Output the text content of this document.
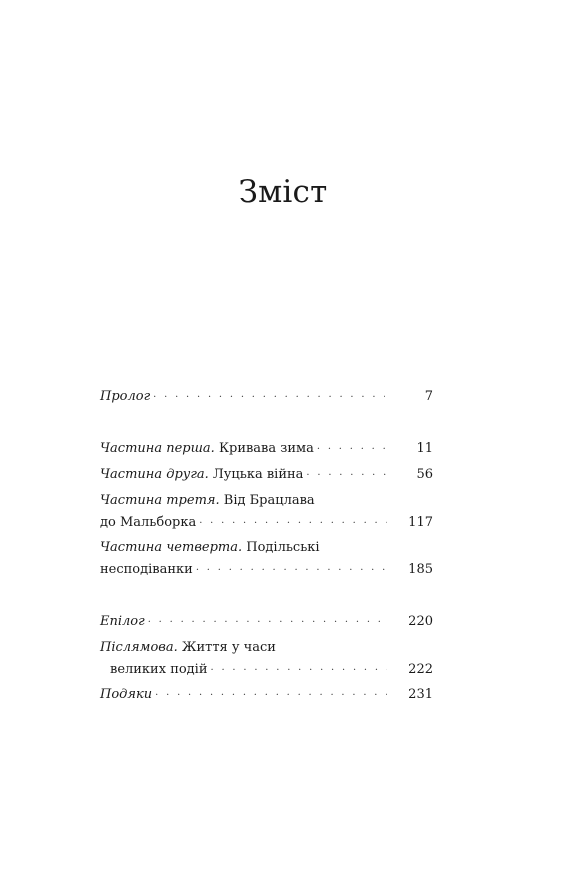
Зміст
Пролог · · ·	7
Частина перша. Кривава зима · · ·	11
Частина друга. Луцька війна · · ·	56
Частина третя. Від Брацлава
до Мальборка · · ·	117
Частина четверта. Подільські
несподіванки · · ·	185
Епілог · · ·	220
Післямова. Життя у часи
великих подій · · ·	222
Подяки · · ·	231
